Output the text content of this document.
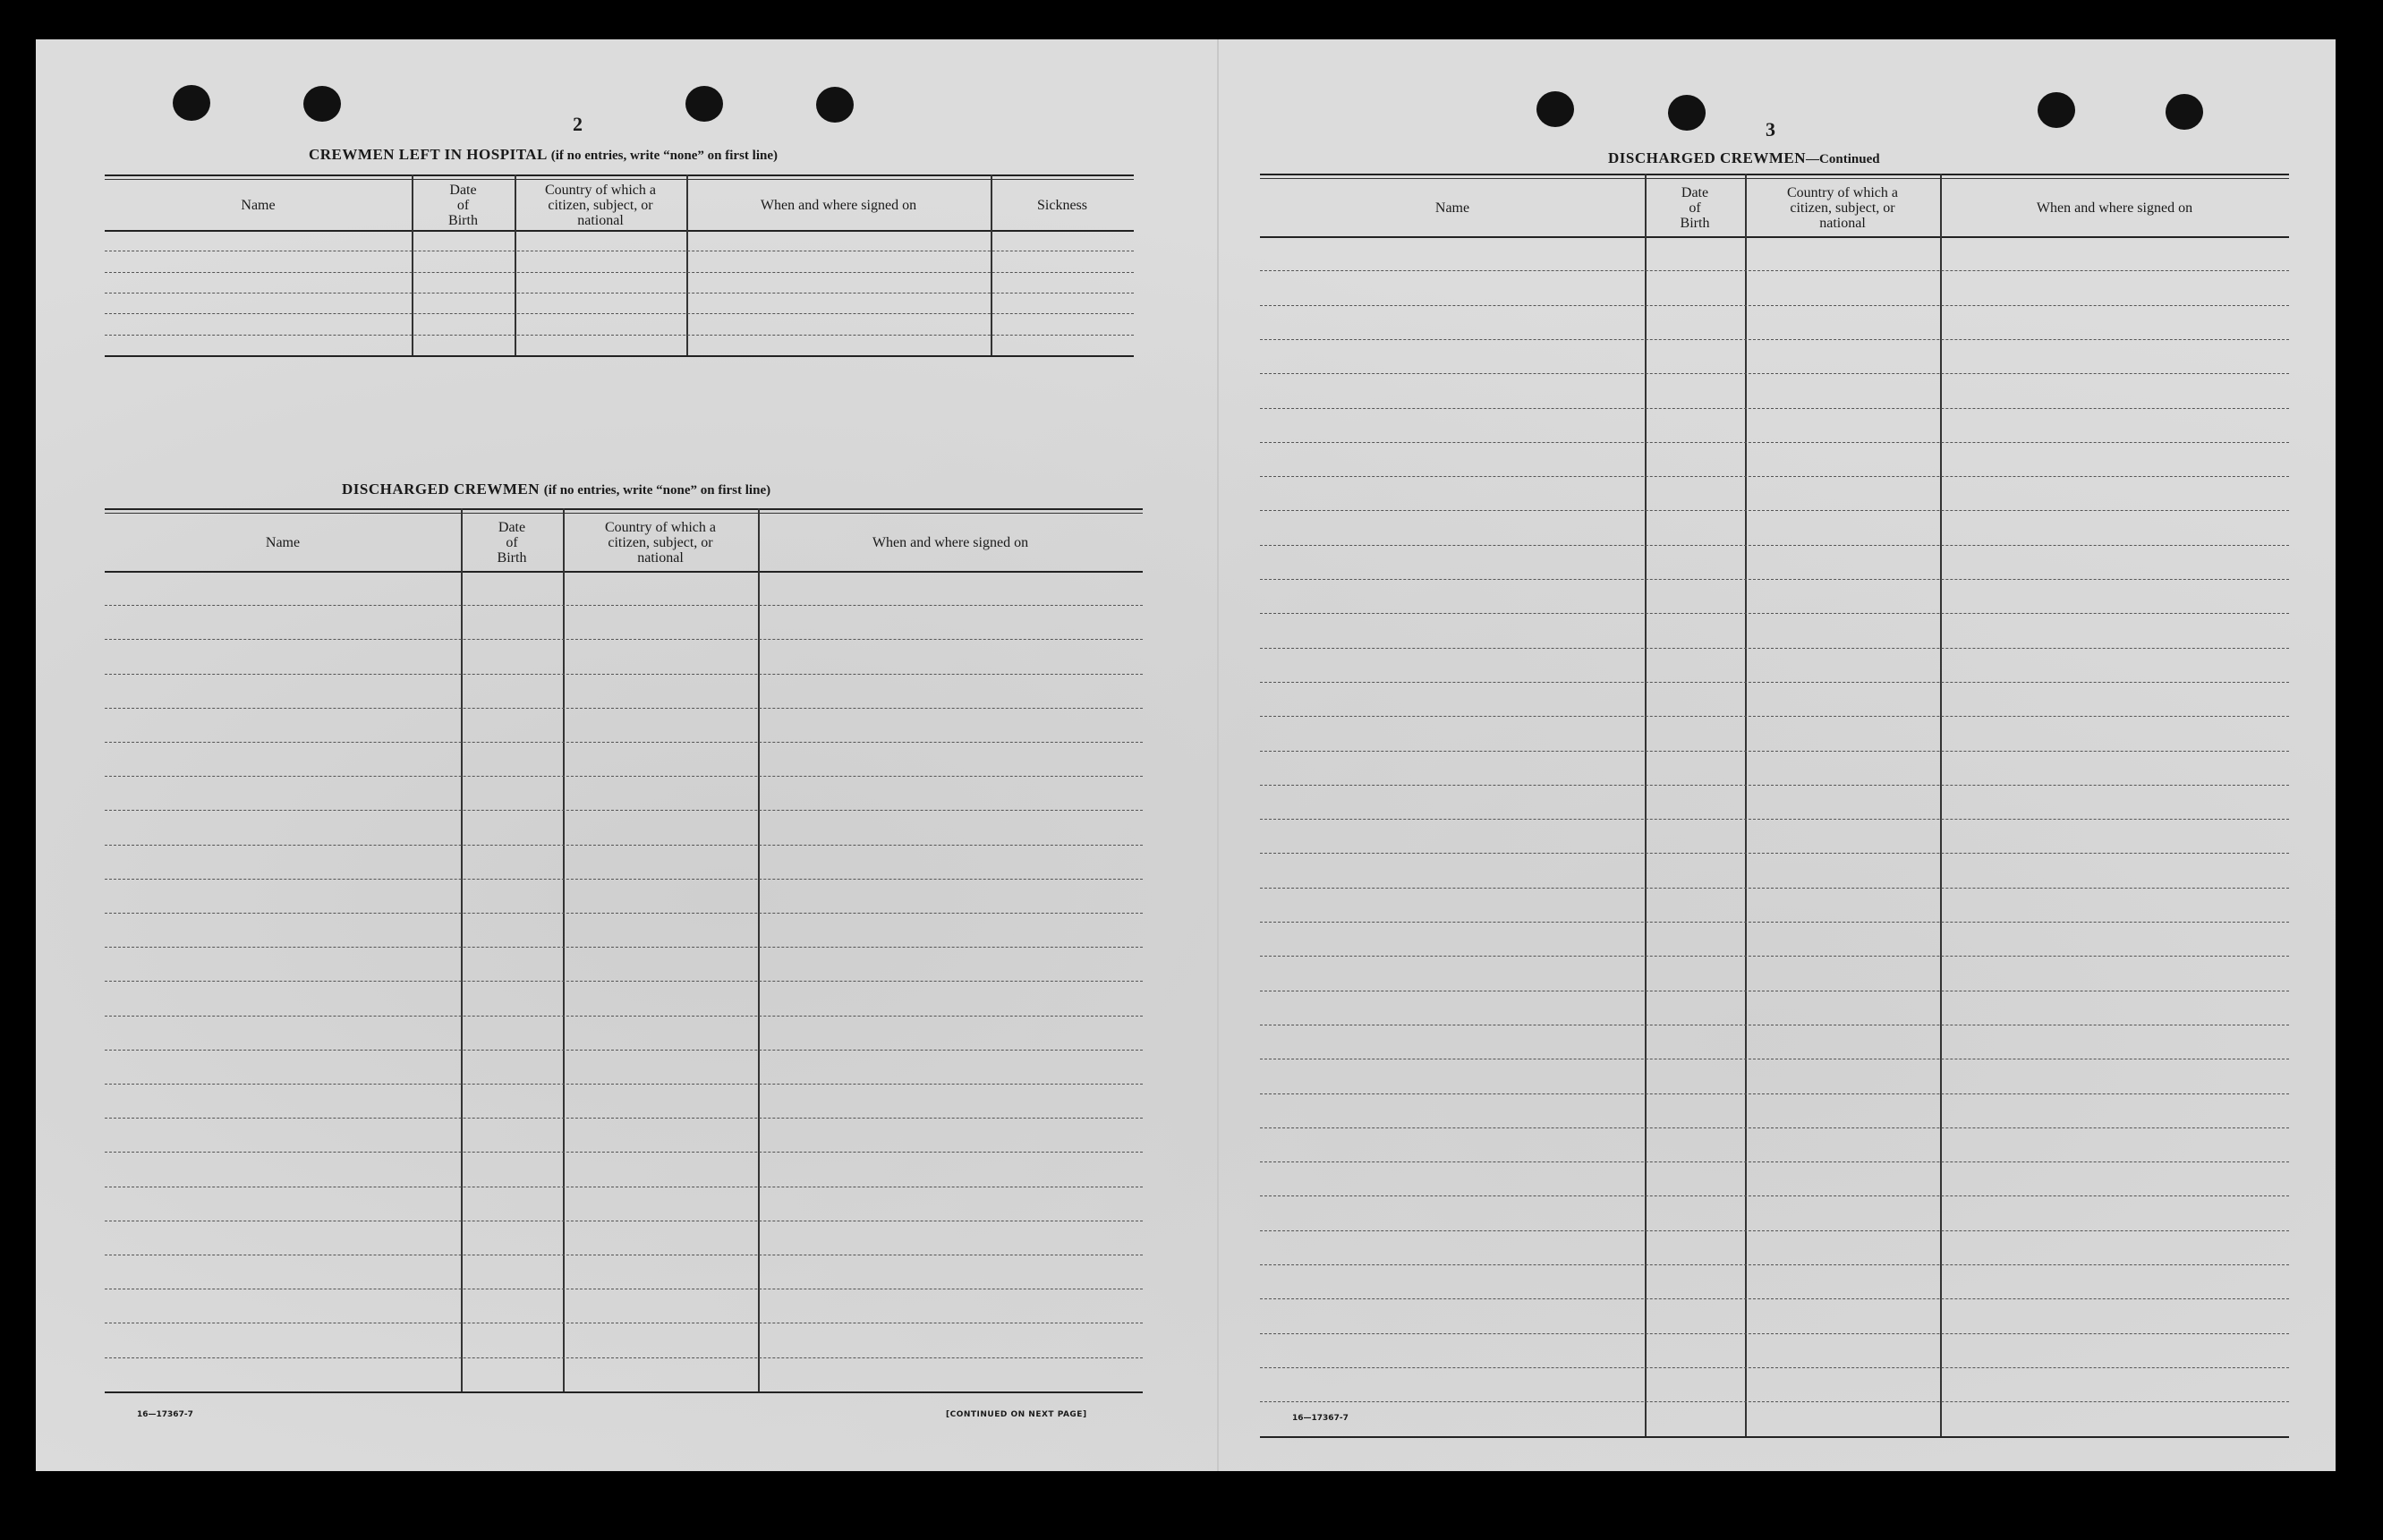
2
CREWMEN LEFT IN HOSPITAL (if no entries, write “none” on first line)
Name
Date
of
Birth
Country of which a
citizen, subject, or
national
When and where signed on	Sickness
DISCHARGED CREWMEN (if no entries, write “none” on first line)
Name
Date
of
Birth
Country of which a
citizen, subject, or
national
When and where signed on
16—17367-7	[CONTINUED ON NEXT PAGE]
3
DISCHARGED CREWMEN—Continued
Name
Date
of
Birth
Country of which a
citizen, subject, or
national
When and where signed on
16—17367-7
